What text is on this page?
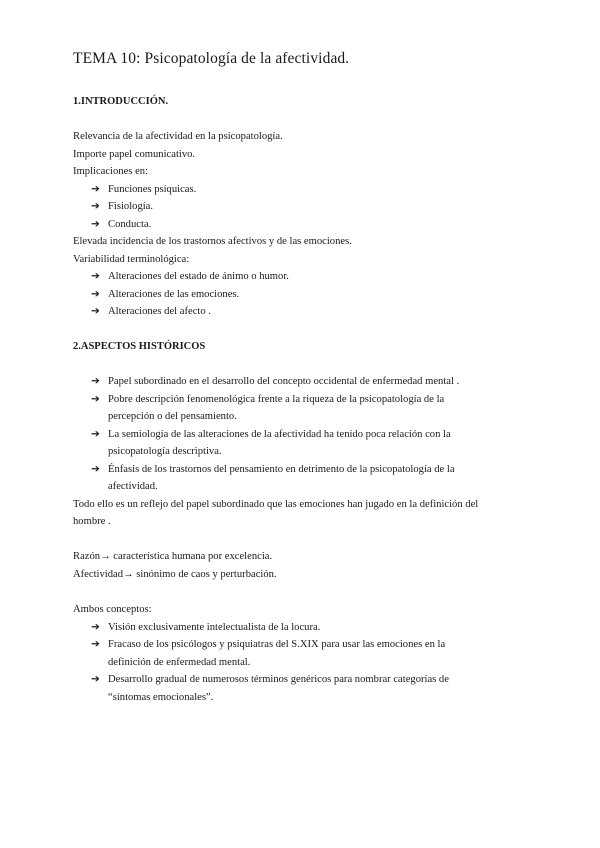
TEMA 10: Psicopatología de la afectividad.
1.INTRODUCCIÓN.
Relevancia de la afectividad en la psicopatología.
Importe papel comunicativo.
Implicaciones en:
➔ Funciones psíquicas.
➔ Fisiología.
➔ Conducta.
Elevada incidencia de los trastornos afectivos y de las emociones.
Variabilidad terminológica:
➔ Alteraciones del estado de ánimo o humor.
➔ Alteraciones de las emociones.
➔ Alteraciones del afecto .
2.ASPECTOS HISTÓRICOS
➔ Papel subordinado en el desarrollo del concepto occidental de enfermedad mental .
➔ Pobre descripción fenomenológica frente a la riqueza de la psicopatología de la
percepción o del pensamiento.
➔ La semiología de las alteraciones de la afectividad ha tenido poca relación con la
psicopatología descriptiva.
➔ Énfasis de los trastornos del pensamiento en detrimento de la psicopatología de la
afectividad.
Todo ello es un reflejo del papel subordinado que las emociones han jugado en la definición del
hombre .
Razón→ característica humana por excelencia.
Afectividad→ sinónimo de caos y perturbación.
Ambos conceptos:
➔ Visión exclusivamente intelectualista de la locura.
➔ Fracaso de los psicólogos y psiquiatras del S.XIX para usar las emociones en la
definición de enfermedad mental.
➔ Desarrollo gradual de numerosos términos genéricos para nombrar categorías de
“síntomas emocionales”.
